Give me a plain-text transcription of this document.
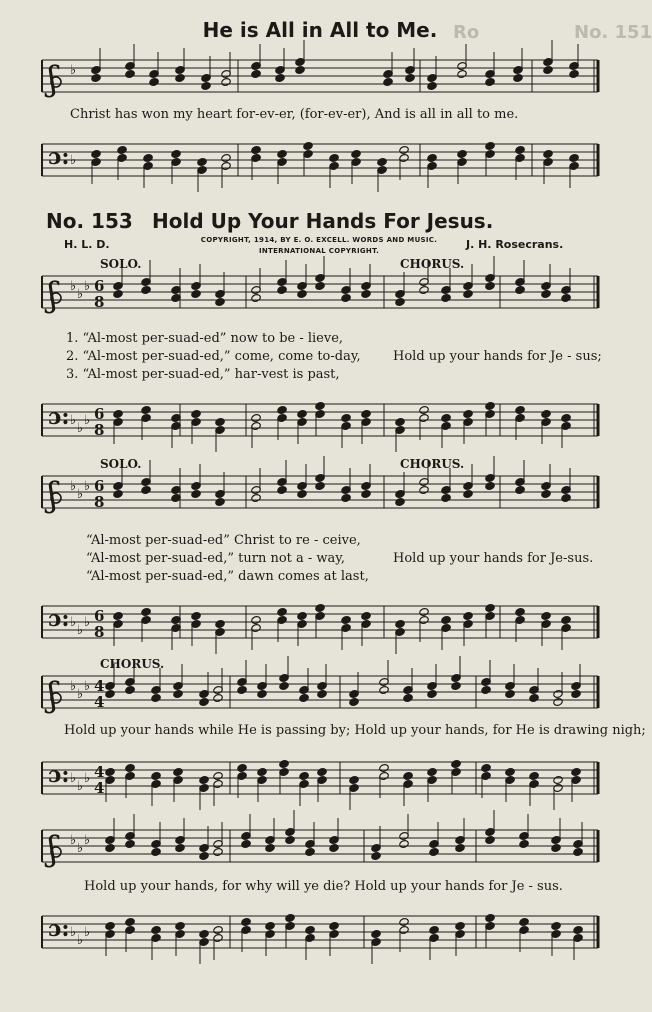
Ro	No. 151
He is All in All to Me.
Christ has won my heart for-ev-er, (for-ev-er), And is all in all to me.
No. 153 Hold Up Your Hands For Jesus.
H. L. D.	J. H. Rosecrans.
COPYRIGHT, 1914, BY E. O. EXCELL. WORDS AND MUSIC.
INTERNATIONAL COPYRIGHT.
SOLO.	CHORUS.
1. “Al-most per-suad-ed” now to be - lieve,
2. “Al-most per-suad-ed,” come, come to-day,
3. “Al-most per-suad-ed,” har-vest is past,
Hold up your hands for Je - sus;
SOLO.	CHORUS.
“Al-most per-suad-ed” Christ to re - ceive,
“Al-most per-suad-ed,” turn not a - way,
“Al-most per-suad-ed,” dawn comes at last,
Hold up your hands for Je-sus.
CHORUS.
Hold up your hands while He is passing by; Hold up your hands, for He is drawing nigh;
Hold up your hands, for why will ye die? Hold up your hands for Je - sus.

ʃ ♭

ɔ: ♭

ʃ ♭
♭
♭ 6
8

ɔ: ♭
♭
♭ 6
8

ʃ ♭
♭
♭ 6
8

ɔ: ♭
♭
♭ 6
8

ʃ ♭
♭
♭ 4
4

ɔ: ♭
♭
♭ 4
4

ʃ ♭
♭
♭

ɔ: ♭
♭
♭
